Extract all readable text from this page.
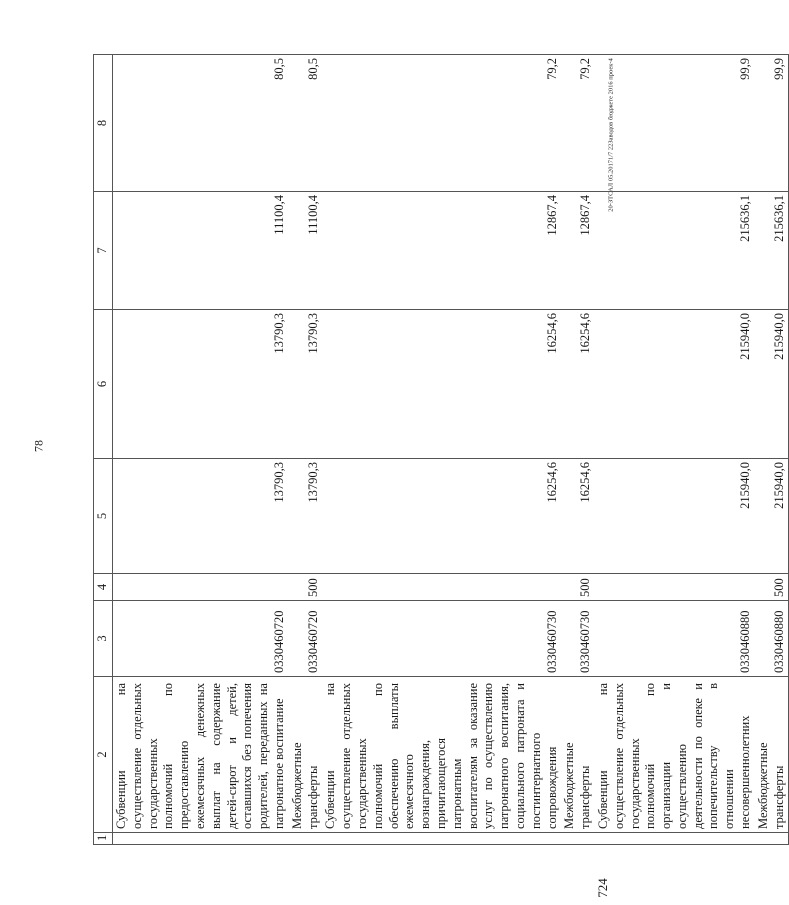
78
20-ЗТСАЛ 05.20171/7 22Заводов бюджете 2016 проек-4
724
1	2	3	4	5	6	7	8
	Субвенции на осуществление отдельных государственных полномочий по предоставлению ежемесячных денежных выплат на содержание детей-сирот и детей, оставшихся без попечения родителей, переданных на патронатное воспитание	0330460720		13790,3	13790,3	11100,4	80,5
	Межбюджетные трансферты	0330460720	500	13790,3	13790,3	11100,4	80,5
	Субвенции на осуществление отдельных государственных полномочий по обеспечению выплаты ежемесячного вознаграждения, причитающегося патронатным воспитателям за оказание услуг по осуществлению патронатного воспитания, социального патроната и постинтернатного сопровождения	0330460730		16254,6	16254,6	12867,4	79,2
	Межбюджетные трансферты	0330460730	500	16254,6	16254,6	12867,4	79,2
	Субвенции на осуществление отдельных государственных полномочий по организации и осуществлению деятельности по опеке и попечительству в отношении несовершеннолетних	0330460880		215940,0	215940,0	215636,1	99,9
	Межбюджетные трансферты	0330460880	500	215940,0	215940,0	215636,1	99,9
